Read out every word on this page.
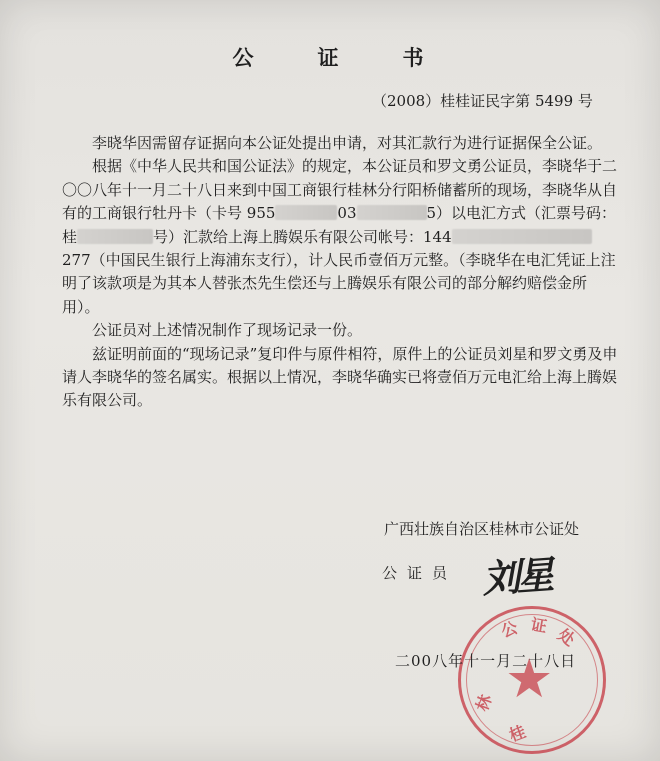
公	证	书
（2008）桂桂证民字第 5499 号

李晓华因需留存证据向本公证处提出申请，对其汇款行为进行证据保全公证。

根据《中华人民共和国公证法》的规定，本公证员和罗文勇公证员，李晓华于二〇〇八年十一月二十八日来到中国工商银行桂林分行阳桥储蓄所的现场，李晓华从自有的工商银行牡丹卡（卡号 955	03	5）以电汇方式（汇票号码：桂	号）汇款给上海上腾娱乐有限公司帐号：144277（中国民生银行上海浦东支行），计人民币壹佰万元整。（李晓华在电汇凭证上注明了该款项是为其本人替张杰先生偿还与上腾娱乐有限公司的部分解约赔偿金所用）。

公证员对上述情况制作了现场记录一份。

兹证明前面的“现场记录”复印件与原件相符，原件上的公证员刘星和罗文勇及申请人李晓华的签名属实。根据以上情况，李晓华确实已将壹佰万元电汇给上海上腾娱乐有限公司。

广西壮族自治区桂林市公证处
公证员 刘星
★
公 证 处
林
桂
二00八年十一月二十八日
